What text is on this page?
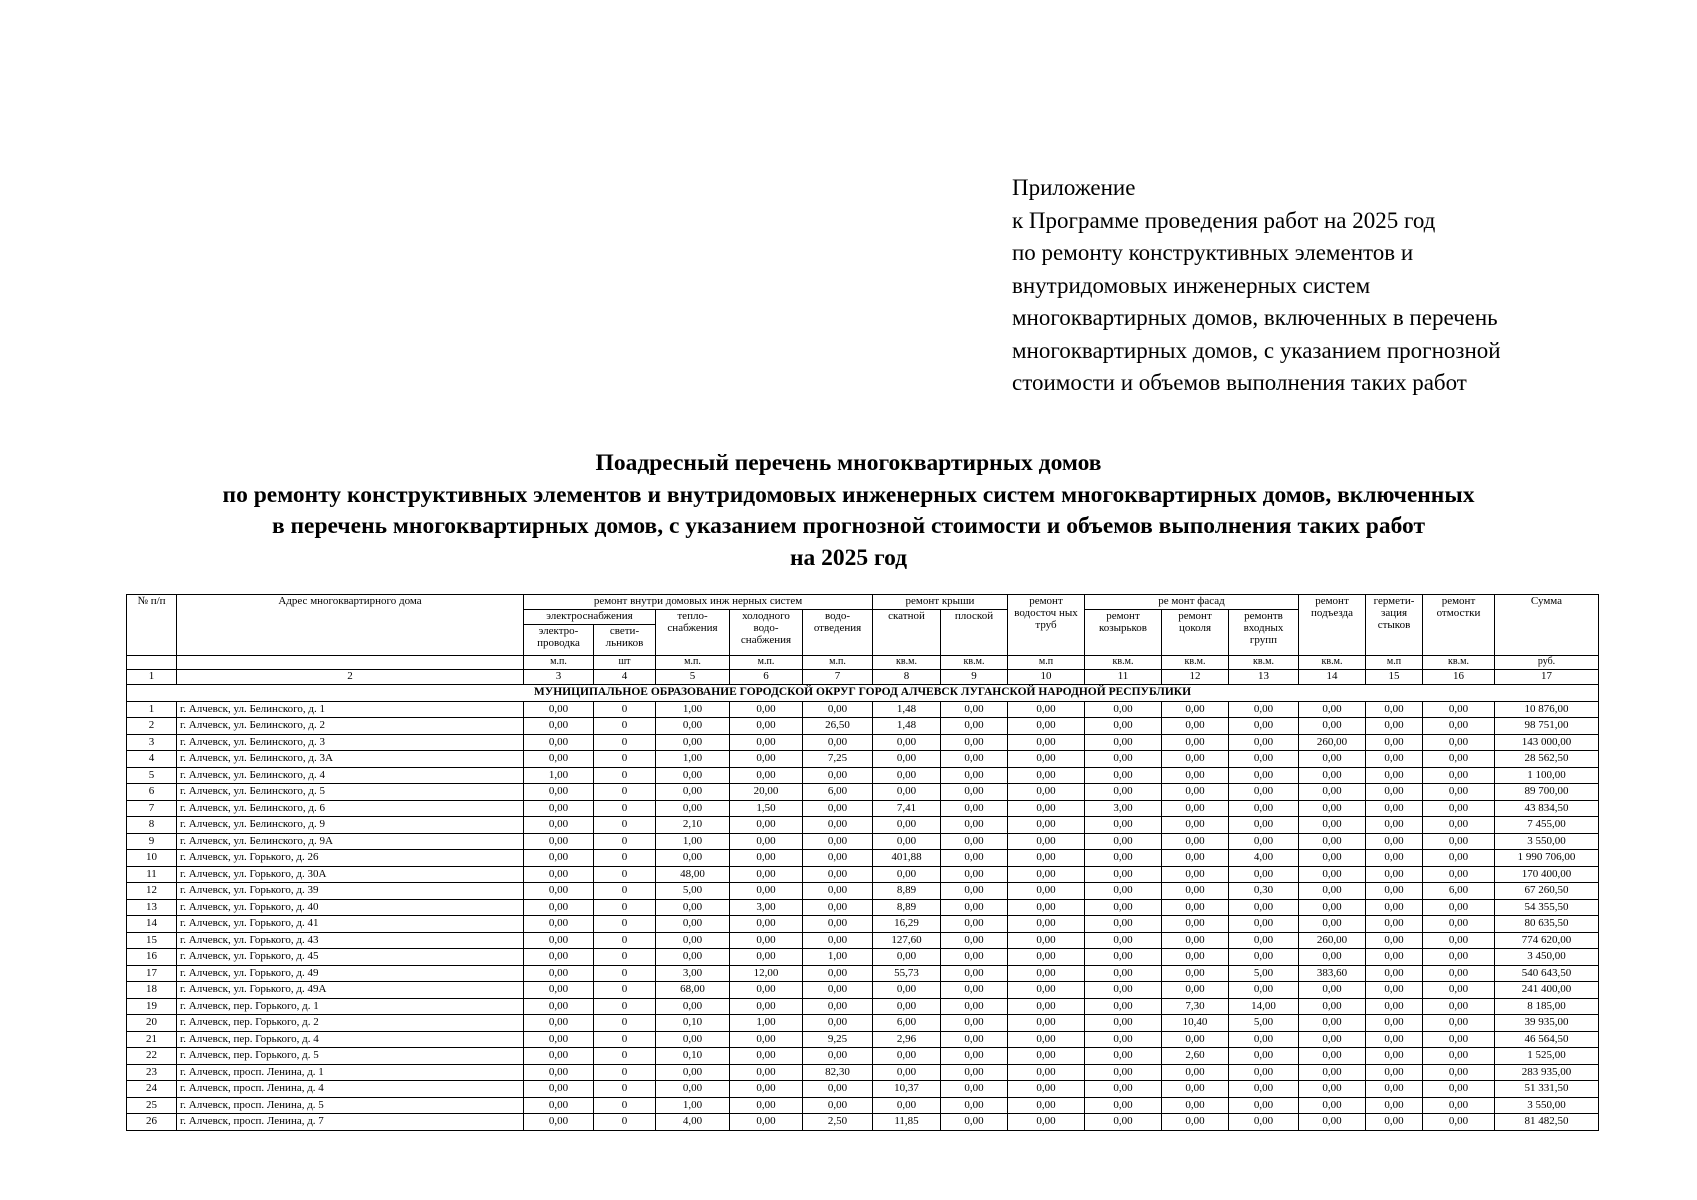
Приложение
к Программе проведения работ на 2025 год
по ремонту конструктивных элементов и
внутридомовых инженерных систем
многоквартирных домов, включенных в перечень
многоквартирных домов, с указанием прогнозной
стоимости и объемов выполнения таких работ
Поадресный перечень многоквартирных домов
по ремонту конструктивных элементов и внутридомовых инженерных систем многоквартирных домов, включенных
в перечень многоквартирных домов, с указанием прогнозной стоимости и объемов выполнения таких работ
на 2025 год
№ п/п	Адрес многоквартирного дома	ремонт внутри домовых инж нерных систем					ремонт крыши		ремонт водосточ ных труб	ре монт фасад			ремонт подъезда	гермети-зация стыков	ремонт отмостки	Сумма
		электроснабжения		тепло-снабжения	холодного водо-снабжения	водо-отведения	скатной	плоской		ремонт козырьков	ремонт цоколя	ремонтв входных групп				
		электро-проводка	свети-льников													
		м.п.	шт	м.п.	м.п.	м.п.	кв.м.	кв.м.	м.п	кв.м.	кв.м.	кв.м.	кв.м.	м.п	кв.м.	руб.
1	2	3	4	5	6	7	8	9	10	11	12	13	14	15	16	17
МУНИЦИПАЛЬНОЕ ОБРАЗОВАНИЕ ГОРОДСКОЙ ОКРУГ ГОРОД АЛЧЕВСК ЛУГАНСКОЙ НАРОДНОЙ РЕСПУБЛИКИ																
1	г. Алчевск, ул. Белинского, д. 1	0,00	0	1,00	0,00	0,00	1,48	0,00	0,00	0,00	0,00	0,00	0,00	0,00	0,00	10 876,00
2	г. Алчевск, ул. Белинского, д. 2	0,00	0	0,00	0,00	26,50	1,48	0,00	0,00	0,00	0,00	0,00	0,00	0,00	0,00	98 751,00
3	г. Алчевск, ул. Белинского, д. 3	0,00	0	0,00	0,00	0,00	0,00	0,00	0,00	0,00	0,00	0,00	260,00	0,00	0,00	143 000,00
4	г. Алчевск, ул. Белинского, д. 3А	0,00	0	1,00	0,00	7,25	0,00	0,00	0,00	0,00	0,00	0,00	0,00	0,00	0,00	28 562,50
5	г. Алчевск, ул. Белинского, д. 4	1,00	0	0,00	0,00	0,00	0,00	0,00	0,00	0,00	0,00	0,00	0,00	0,00	0,00	1 100,00
6	г. Алчевск, ул. Белинского, д. 5	0,00	0	0,00	20,00	6,00	0,00	0,00	0,00	0,00	0,00	0,00	0,00	0,00	0,00	89 700,00
7	г. Алчевск, ул. Белинского, д. 6	0,00	0	0,00	1,50	0,00	7,41	0,00	0,00	3,00	0,00	0,00	0,00	0,00	0,00	43 834,50
8	г. Алчевск, ул. Белинского, д. 9	0,00	0	2,10	0,00	0,00	0,00	0,00	0,00	0,00	0,00	0,00	0,00	0,00	0,00	7 455,00
9	г. Алчевск, ул. Белинского, д. 9А	0,00	0	1,00	0,00	0,00	0,00	0,00	0,00	0,00	0,00	0,00	0,00	0,00	0,00	3 550,00
10	г. Алчевск, ул. Горького, д. 26	0,00	0	0,00	0,00	0,00	401,88	0,00	0,00	0,00	0,00	4,00	0,00	0,00	0,00	1 990 706,00
11	г. Алчевск, ул. Горького, д. 30А	0,00	0	48,00	0,00	0,00	0,00	0,00	0,00	0,00	0,00	0,00	0,00	0,00	0,00	170 400,00
12	г. Алчевск, ул. Горького, д. 39	0,00	0	5,00	0,00	0,00	8,89	0,00	0,00	0,00	0,00	0,30	0,00	0,00	6,00	67 260,50
13	г. Алчевск, ул. Горького, д. 40	0,00	0	0,00	3,00	0,00	8,89	0,00	0,00	0,00	0,00	0,00	0,00	0,00	0,00	54 355,50
14	г. Алчевск, ул. Горького, д. 41	0,00	0	0,00	0,00	0,00	16,29	0,00	0,00	0,00	0,00	0,00	0,00	0,00	0,00	80 635,50
15	г. Алчевск, ул. Горького, д. 43	0,00	0	0,00	0,00	0,00	127,60	0,00	0,00	0,00	0,00	0,00	260,00	0,00	0,00	774 620,00
16	г. Алчевск, ул. Горького, д. 45	0,00	0	0,00	0,00	1,00	0,00	0,00	0,00	0,00	0,00	0,00	0,00	0,00	0,00	3 450,00
17	г. Алчевск, ул. Горького, д. 49	0,00	0	3,00	12,00	0,00	55,73	0,00	0,00	0,00	0,00	5,00	383,60	0,00	0,00	540 643,50
18	г. Алчевск, ул. Горького, д. 49А	0,00	0	68,00	0,00	0,00	0,00	0,00	0,00	0,00	0,00	0,00	0,00	0,00	0,00	241 400,00
19	г. Алчевск, пер. Горького, д. 1	0,00	0	0,00	0,00	0,00	0,00	0,00	0,00	0,00	7,30	14,00	0,00	0,00	0,00	8 185,00
20	г. Алчевск, пер. Горького, д. 2	0,00	0	0,10	1,00	0,00	6,00	0,00	0,00	0,00	10,40	5,00	0,00	0,00	0,00	39 935,00
21	г. Алчевск, пер. Горького, д. 4	0,00	0	0,00	0,00	9,25	2,96	0,00	0,00	0,00	0,00	0,00	0,00	0,00	0,00	46 564,50
22	г. Алчевск, пер. Горького, д. 5	0,00	0	0,10	0,00	0,00	0,00	0,00	0,00	0,00	2,60	0,00	0,00	0,00	0,00	1 525,00
23	г. Алчевск, просп. Ленина, д. 1	0,00	0	0,00	0,00	82,30	0,00	0,00	0,00	0,00	0,00	0,00	0,00	0,00	0,00	283 935,00
24	г. Алчевск, просп. Ленина, д. 4	0,00	0	0,00	0,00	0,00	10,37	0,00	0,00	0,00	0,00	0,00	0,00	0,00	0,00	51 331,50
25	г. Алчевск, просп. Ленина, д. 5	0,00	0	1,00	0,00	0,00	0,00	0,00	0,00	0,00	0,00	0,00	0,00	0,00	0,00	3 550,00
26	г. Алчевск, просп. Ленина, д. 7	0,00	0	4,00	0,00	2,50	11,85	0,00	0,00	0,00	0,00	0,00	0,00	0,00	0,00	81 482,50
